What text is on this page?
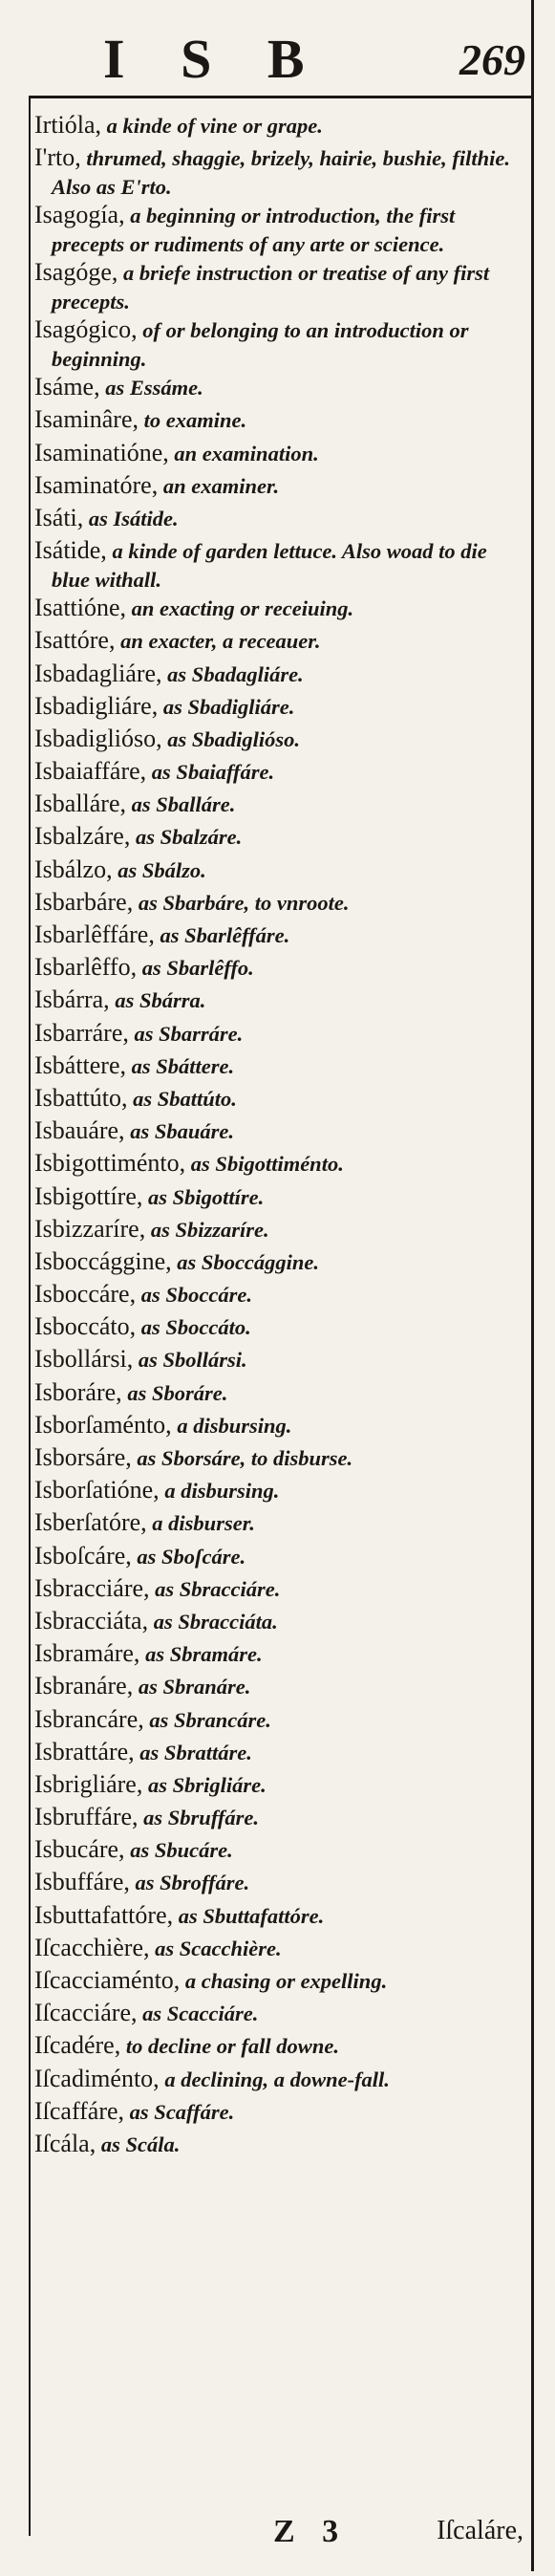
I S B	269
Irtióla, a kinde of vine or grape.
I'rto, thrumed, shaggie, brizely, hairie, bushie, filthie. Also as E'rto.
Isagogía, a beginning or introduction, the first precepts or rudiments of any arte or science.
Isagóge, a briefe instruction or treatise of any first precepts.
Isagógico, of or belonging to an introduction or beginning.
Isáme, as Essáme.
Isaminâre, to examine.
Isaminatióne, an examination.
Isaminatóre, an examiner.
Isáti, as Isátide.
Isátide, a kinde of garden lettuce. Also woad to die blue withall.
Isattióne, an exacting or receiuing.
Isattóre, an exacter, a receauer.
Isbadagliáre, as Sbadagliáre.
Isbadigliáre, as Sbadigliáre.
Isbadigliósо, as Sbadigliósо.
Isbaiaffáre, as Sbaiaffáre.
Isballáre, as Sballáre.
Isbalzáre, as Sbalzáre.
Isbálzo, as Sbálzo.
Isbarbáre, as Sbarbáre, to vnroote.
Isbarlêffáre, as Sbarlêffáre.
Isbarlêffo, as Sbarlêffo.
Isbárra, as Sbárra.
Isbarráre, as Sbarráre.
Isbáttere, as Sbáttere.
Isbattúto, as Sbattúto.
Isbauáre, as Sbauáre.
Isbigottiménto, as Sbigottiménto.
Isbigottíre, as Sbigottíre.
Isbizzaríre, as Sbizzaríre.
Isboccággine, as Sboccággine.
Isboccáre, as Sboccáre.
Isboccáto, as Sboccáto.
Isbollársi, as Sbollársi.
Isboráre, as Sboráre.
Isborſaménto, a disbursing.
Isborsáre, as Sborsáre, to disburse.
Isborſatióne, a disbursing.
Isberſatóre, a disburser.
Isboſcáre, as Sboſcáre.
Isbracciáre, as Sbracciáre.
Isbracciáta, as Sbracciáta.
Isbramáre, as Sbramáre.
Isbranáre, as Sbranáre.
Isbrancáre, as Sbrancáre.
Isbrattáre, as Sbrattáre.
Isbrigliáre, as Sbrigliáre.
Isbruffáre, as Sbruffáre.
Isbucáre, as Sbucáre.
Isbuffáre, as Sbroffáre.
Isbuttafattóre, as Sbuttafattóre.
Iſcacchière, as Scacchière.
Iſcacciaménto, a chasing or expelling.
Iſcacciáre, as Scacciáre.
Iſcadére, to decline or fall downe.
Iſcadiménto, a declining, a downe-fall.
Iſcaffáre, as Scaffáre.
Iſcála, as Scála.
Z 3	Iſcaláre,
